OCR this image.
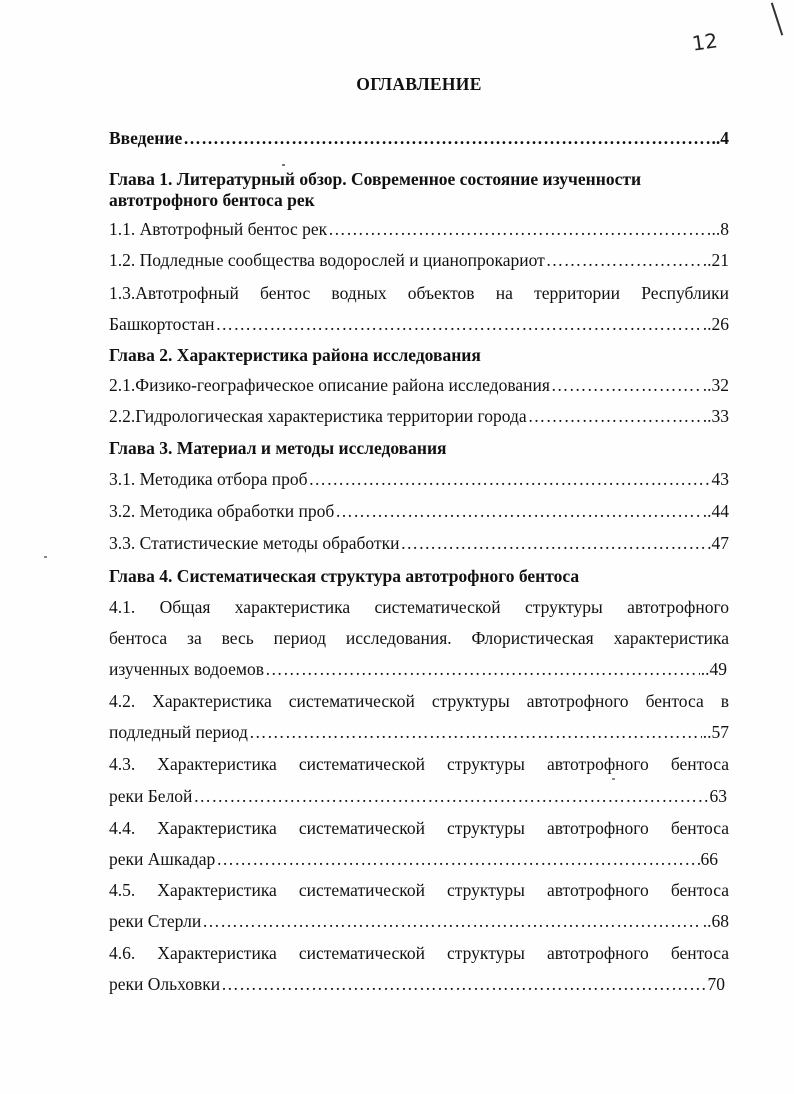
12
ОГЛАВЛЕНИЕ
Введение ………………………………………………………………………………………………………………………………………………………………………	..4
Глава 1. Литературный обзор. Современное состояние изученности
автотрофного бентоса рек
1.1. Автотрофный бентос рек ………………………………………………………………………………………………………………………………………………………………………	..8
1.2. Подледные сообщества водорослей и цианопрокариот ………………………………………………………………………………………………………………………………………………………………………	..21
1.3.Автотрофный бентос водных объектов на территории Республики
Башкортостан ………………………………………………………………………………………………………………………………………………………………………	..26
Глава 2. Характеристика района исследования
2.1.Физико-географическое описание района исследования ………………………………………………………………………………………………………………………………………………………………………	..32
2.2.Гидрологическая характеристика территории города ………………………………………………………………………………………………………………………………………………………………………	..33
Глава 3. Материал и методы исследования
3.1. Методика отбора проб ………………………………………………………………………………………………………………………………………………………………………	43
3.2. Методика обработки проб ………………………………………………………………………………………………………………………………………………………………………	..44
3.3. Статистические методы обработки ………………………………………………………………………………………………………………………………………………………………………	47
Глава 4. Систематическая структура автотрофного бентоса
4.1. Общая характеристика систематической структуры автотрофного
бентоса за весь период исследования. Флористическая характеристика
изученных водоемов ………………………………………………………………………………………………………………………………………………………………………	..49
4.2. Характеристика систематической структуры автотрофного бентоса в
подледный период ………………………………………………………………………………………………………………………………………………………………………	..57
4.3. Характеристика систематической структуры автотрофного бентоса
реки Белой ………………………………………………………………………………………………………………………………………………………………………	63
4.4. Характеристика систематической структуры автотрофного бентоса
реки Ашкадар ………………………………………………………………………………………………………………………………………………………………………	66
4.5. Характеристика систематической структуры автотрофного бентоса
реки Стерли ………………………………………………………………………………………………………………………………………………………………………	..68
4.6. Характеристика систематической структуры автотрофного бентоса
реки Ольховки ………………………………………………………………………………………………………………………………………………………………………	70
